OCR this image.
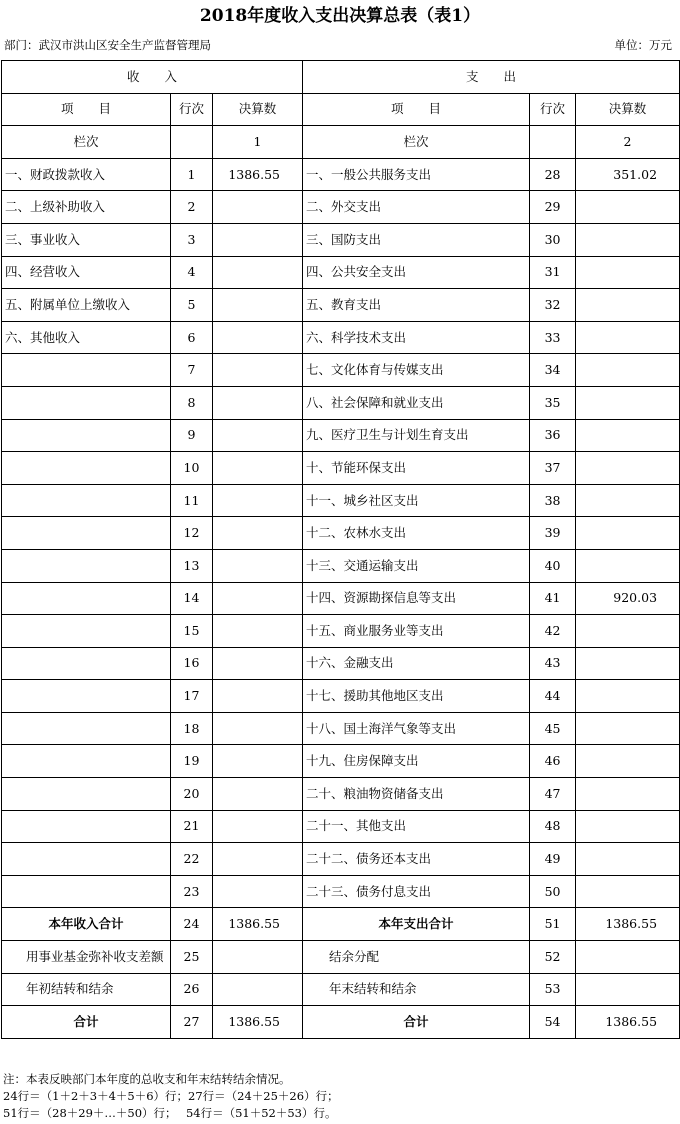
2018年度收入支出决算总表（表1）
部门：武汉市洪山区安全生产监督管理局	单位：万元
收　　入			支　　出		
项　　目	行次	决算数	项　　目	行次	决算数
栏次		1	栏次		2
一、财政拨款收入	1	1386.55	一、一般公共服务支出	28	351.02
二、上级补助收入	2		二、外交支出	29	
三、事业收入	3		三、国防支出	30	
四、经营收入	4		四、公共安全支出	31	
五、附属单位上缴收入	5		五、教育支出	32	
六、其他收入	6		六、科学技术支出	33	
	7		七、文化体育与传媒支出	34	
	8		八、社会保障和就业支出	35	
	9		九、医疗卫生与计划生育支出	36	
	10		十、节能环保支出	37	
	11		十一、城乡社区支出	38	
	12		十二、农林水支出	39	
	13		十三、交通运输支出	40	
	14		十四、资源勘探信息等支出	41	920.03
	15		十五、商业服务业等支出	42	
	16		十六、金融支出	43	
	17		十七、援助其他地区支出	44	
	18		十八、国土海洋气象等支出	45	
	19		十九、住房保障支出	46	
	20		二十、粮油物资储备支出	47	
	21		二十一、其他支出	48	
	22		二十二、债务还本支出	49	
	23		二十三、债务付息支出	50	
本年收入合计	24	1386.55	本年支出合计	51	1386.55
用事业基金弥补收支差额	25		结余分配	52	
年初结转和结余	26		年末结转和结余	53	
合计	27	1386.55	合计	54	1386.55
注：本表反映部门本年度的总收支和年末结转结余情况。
24行＝（1＋2＋3＋4＋5＋6）行；27行＝（24＋25＋26）行；
51行＝（28＋29＋…＋50）行；　 54行＝（51＋52＋53）行。
